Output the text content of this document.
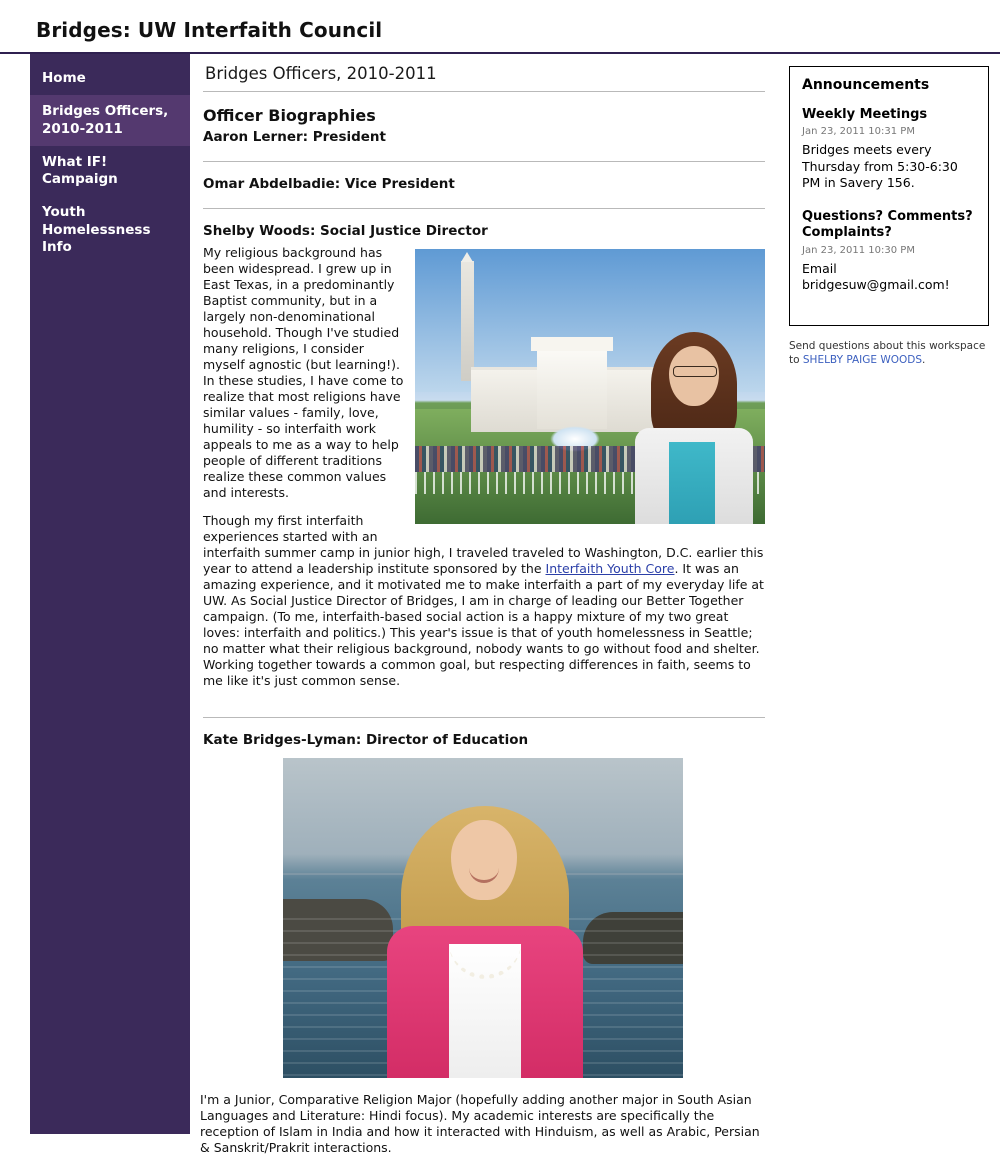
Bridges: UW Interfaith Council
Home
Bridges Officers, 2010-2011
What IF! Campaign
Youth Homelessness Info
Bridges Officers, 2010-2011
Officer Biographies
Aaron Lerner: President
Omar Abdelbadie: Vice President
Shelby Woods: Social Justice Director

My religious background has been widespread. I grew up in East Texas, in a predominantly Baptist community, but in a largely non-denominational household. Though I've studied many religions, I consider myself agnostic (but learning!). In these studies, I have come to realize that most religions have similar values - family, love, humility - so interfaith work appeals to me as a way to help people of different traditions realize these common values and interests.

Though my first interfaith experiences started with an interfaith summer camp in junior high, I traveled traveled to Washington, D.C. earlier this year to attend a leadership institute sponsored by the Interfaith Youth Core. It was an amazing experience, and it motivated me to make interfaith a part of my everyday life at UW. As Social Justice Director of Bridges, I am in charge of leading our Better Together campaign. (To me, interfaith-based social action is a happy mixture of my two great loves: interfaith and politics.) This year's issue is that of youth homelessness in Seattle; no matter what their religious background, nobody wants to go without food and shelter. Working together towards a common goal, but respecting differences in faith, seems to me like it's just common sense.

Kate Bridges-Lyman: Director of Education

I'm a Junior, Comparative Religion Major (hopefully adding another major in South Asian Languages and Literature: Hindi focus). My academic interests are specifically the reception of Islam in India and how it interacted with Hinduism, as well as Arabic, Persian & Sanskrit/Prakrit interactions.

Announcements
Weekly Meetings
Jan 23, 2011 10:31 PM
Bridges meets every Thursday from 5:30-6:30 PM in Savery 156.
Questions? Comments? Complaints?
Jan 23, 2011 10:30 PM
Email bridgesuw@gmail.com!
Send questions about this workspace to SHELBY PAIGE WOODS.
